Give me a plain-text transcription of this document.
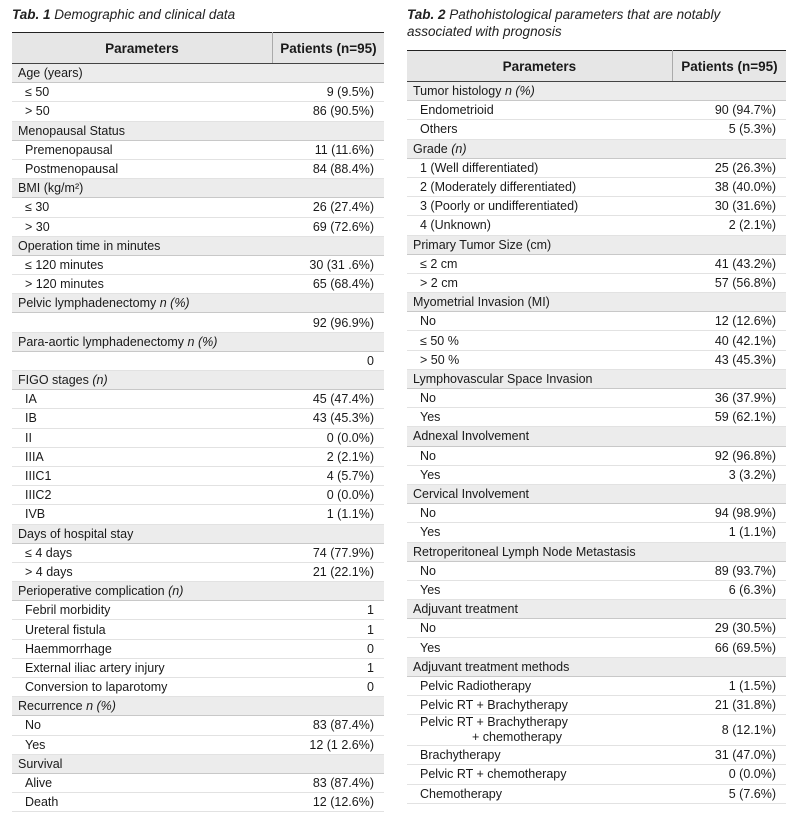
Tab. 1 Demographic and clinical data
Parameters	Patients (n=95)
Age (years)	
≤ 50	9 (9.5%)
> 50	86 (90.5%)
Menopausal Status	
Premenopausal	11 (11.6%)
Postmenopausal	84 (88.4%)
BMI (kg/m²)	
≤ 30	26 (27.4%)
> 30	69 (72.6%)
Operation time in minutes	
≤ 120 minutes	30 (31 .6%)
> 120 minutes	65 (68.4%)
Pelvic lymphadenectomy n (%)	
	92 (96.9%)
Para-aortic lymphadenectomy n (%)	
	0
FIGO stages (n)	
IA	45 (47.4%)
IB	43 (45.3%)
II	0 (0.0%)
IIIA	2 (2.1%)
IIIC1	4 (5.7%)
IIIC2	0 (0.0%)
IVB	1 (1.1%)
Days of hospital stay	
≤ 4 days	74 (77.9%)
> 4 days	21 (22.1%)
Perioperative complication (n)	
Febril morbidity	1
Ureteral fistula	1
Haemmorrhage	0
External iliac artery injury	1
Conversion to laparotomy	0
Recurrence n (%)	
No	83 (87.4%)
Yes	12 (1 2.6%)
Survival	
Alive	83 (87.4%)
Death	12 (12.6%)
Tab. 2 Pathohistological parameters that are notably associated with prognosis
Parameters	Patients (n=95)
Tumor histology n (%)	
Endometrioid	90 (94.7%)
Others	5 (5.3%)
Grade (n)	
1 (Well differentiated)	25 (26.3%)
2 (Moderately differentiated)	38 (40.0%)
3 (Poorly or undifferentiated)	30 (31.6%)
4 (Unknown)	2 (2.1%)
Primary Tumor Size (cm)	
≤ 2 cm	41 (43.2%)
> 2 cm	57 (56.8%)
Myometrial Invasion (MI)	
No	12 (12.6%)
≤ 50 %	40 (42.1%)
> 50 %	43 (45.3%)
Lymphovascular Space Invasion	
No	36 (37.9%)
Yes	59 (62.1%)
Adnexal Involvement	
No	92 (96.8%)
Yes	3 (3.2%)
Cervical Involvement	
No	94 (98.9%)
Yes	1 (1.1%)
Retroperitoneal Lymph Node Metastasis	
No	89 (93.7%)
Yes	6 (6.3%)
Adjuvant treatment	
No	29 (30.5%)
Yes	66 (69.5%)
Adjuvant treatment methods	
Pelvic Radiotherapy	1 (1.5%)
Pelvic RT + Brachytherapy	21 (31.8%)
Pelvic RT + Brachytherapy
+ chemotherapy	8 (12.1%)
Brachytherapy	31 (47.0%)
Pelvic RT + chemotherapy	0 (0.0%)
Chemotherapy	5 (7.6%)
